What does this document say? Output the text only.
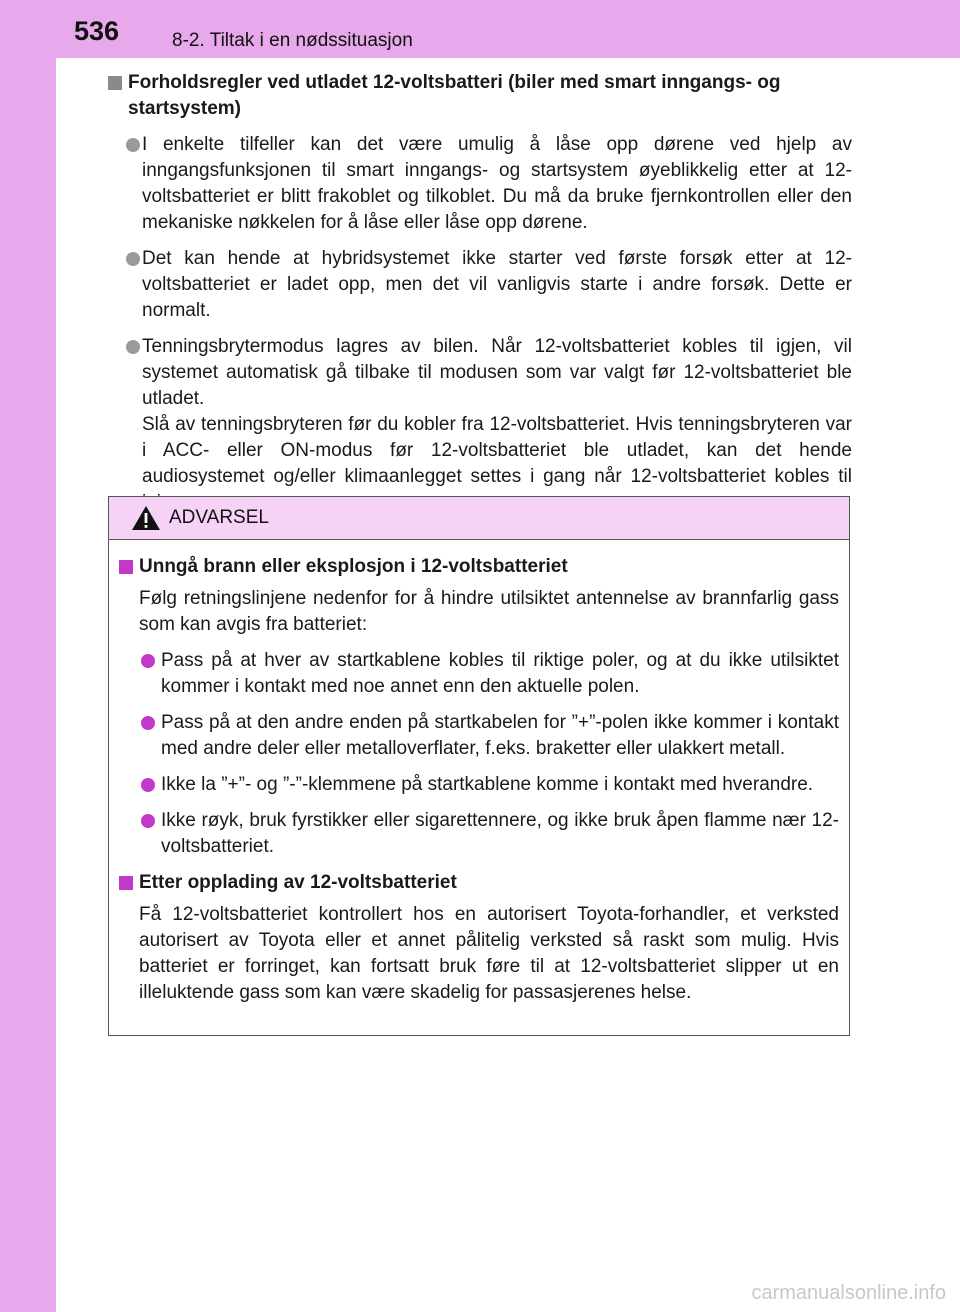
536	8-2. Tiltak i en nødssituasjon
Forholdsregler ved utladet 12-voltsbatteri (biler med smart inngangs- og startsystem)

I enkelte tilfeller kan det være umulig å låse opp dørene ved hjelp av inngangsfunksjonen til smart inngangs- og startsystem øyeblikkelig etter at 12-voltsbatteriet er blitt frakoblet og tilkoblet. Du må da bruke fjernkontrollen eller den mekaniske nøkkelen for å låse eller låse opp dørene.

Det kan hende at hybridsystemet ikke starter ved første forsøk etter at 12-voltsbatteriet er ladet opp, men det vil vanligvis starte i andre forsøk. Dette er normalt.

Tenningsbrytermodus lagres av bilen. Når 12-voltsbatteriet kobles til igjen, vil systemet automatisk gå tilbake til modusen som var valgt før 12-voltsbatteriet ble utladet.

Slå av tenningsbryteren før du kobler fra 12-voltsbatteriet. Hvis tenningsbryteren var i ACC- eller ON-modus før 12-voltsbatteriet ble utladet, kan det hende audiosystemet og/eller klimaanlegget settes i gang når 12-voltsbatteriet kobles til

ADVARSEL
Unngå brann eller eksplosjon i 12-voltsbatteriet
Følg retningslinjene nedenfor for å hindre utilsiktet antennelse av brannfarlig gass som kan avgis fra batteriet:
Pass på at hver av startkablene kobles til riktige poler, og at du ikke utilsiktet kommer i kontakt med noe annet enn den aktuelle polen.
Pass på at den andre enden på startkabelen for ”+”-polen ikke kommer i kontakt med andre deler eller metalloverflater, f.eks. braketter eller ulakkert metall.
Ikke la ”+”- og ”-”-klemmene på startkablene komme i kontakt med hverandre.
Ikke røyk, bruk fyrstikker eller sigarettennere, og ikke bruk åpen flamme nær 12-voltsbatteriet.
Etter opplading av 12-voltsbatteriet
Få 12-voltsbatteriet kontrollert hos en autorisert Toyota-forhandler, et verksted autorisert av Toyota eller et annet pålitelig verksted så raskt som mulig. Hvis batteriet er forringet, kan fortsatt bruk føre til at 12-voltsbatteriet slipper ut en illeluktende gass som kan være skadelig for passasjerenes helse.
carmanualsonline.info
